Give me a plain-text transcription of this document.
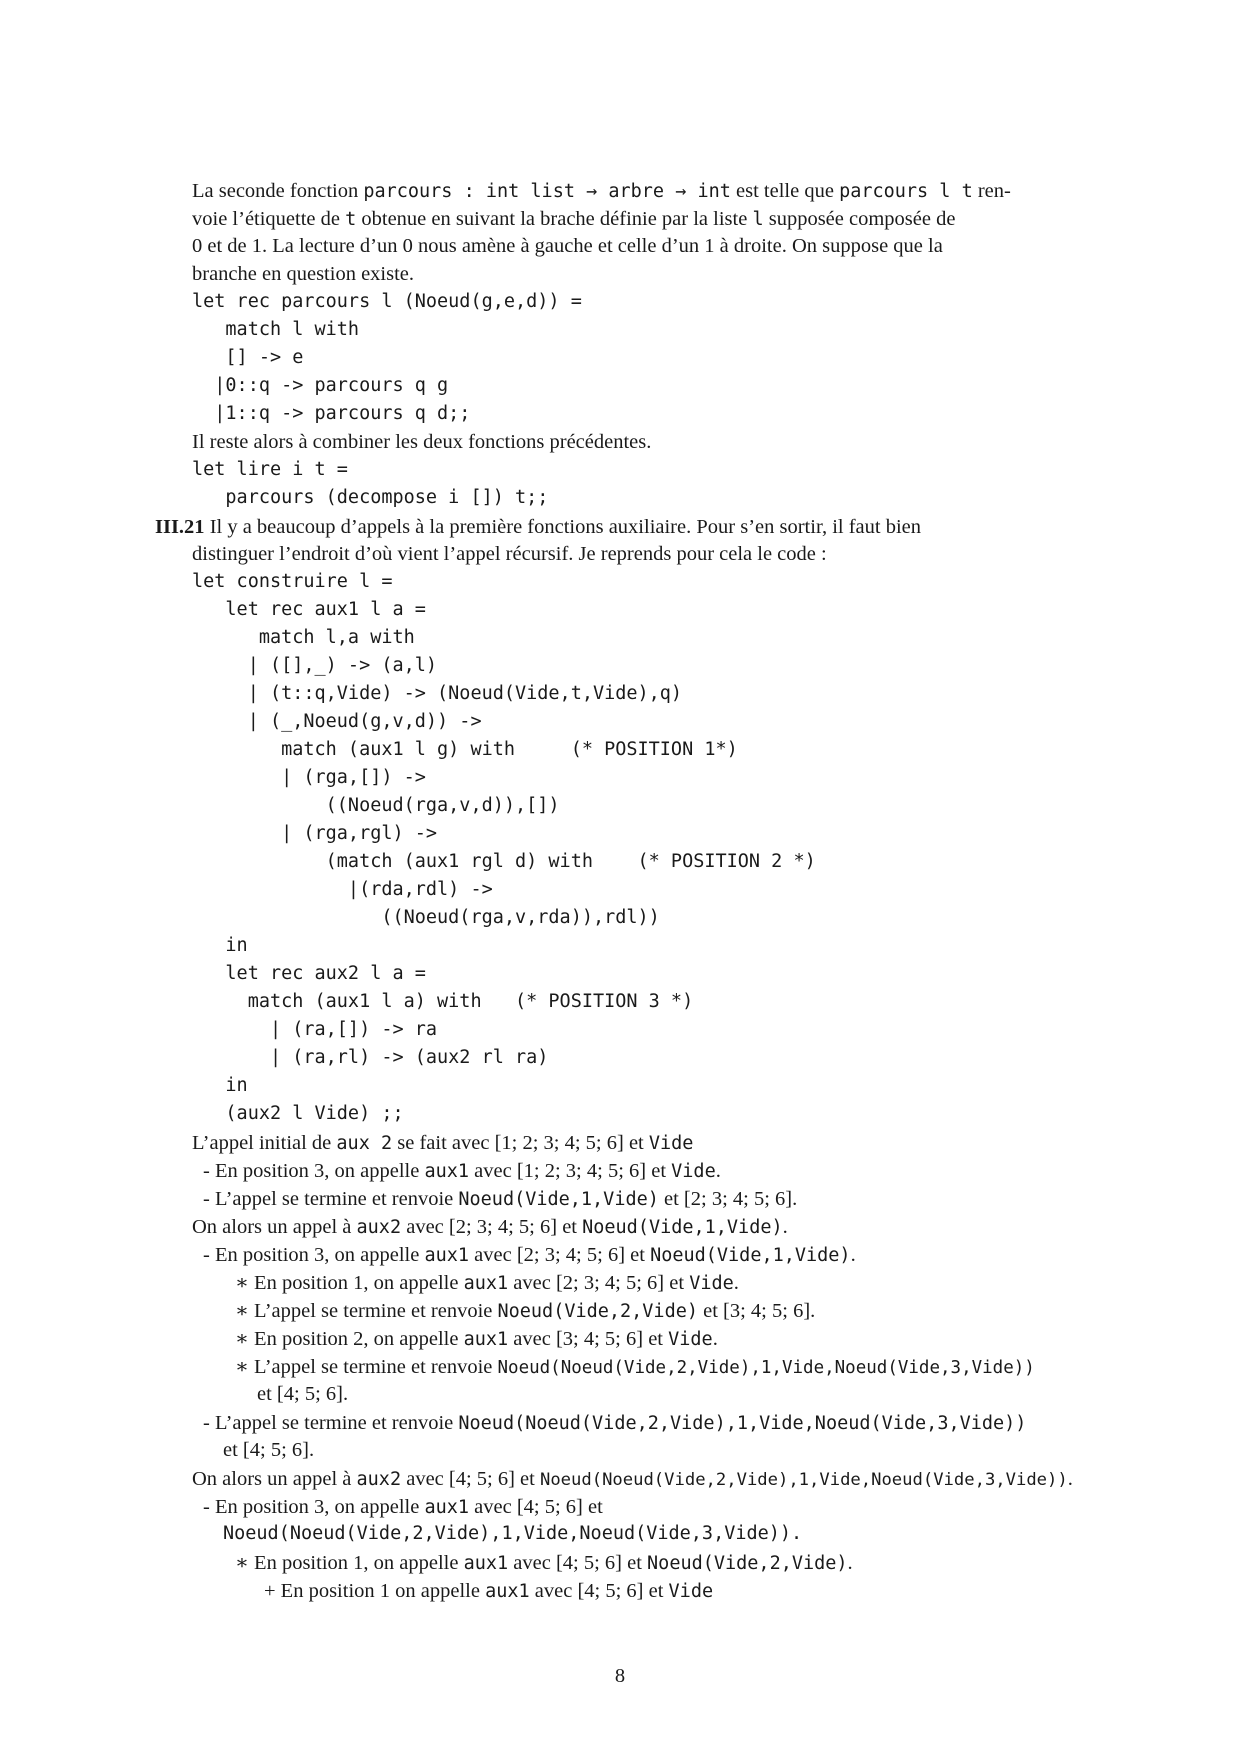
La seconde fonction parcours : int list → arbre → int est telle que parcours l t ren-
voie l’étiquette de t obtenue en suivant la brache définie par la liste l supposée composée de
0 et de 1. La lecture d’un 0 nous amène à gauche et celle d’un 1 à droite. On suppose que la
branche en question existe.
let rec parcours l (Noeud(g,e,d)) =
match l with
[] -> e
|0::q -> parcours q g
|1::q -> parcours q d;;
Il reste alors à combiner les deux fonctions précédentes.
let lire i t =
parcours (decompose i []) t;;
III.21 Il y a beaucoup d’appels à la première fonctions auxiliaire. Pour s’en sortir, il faut bien
distinguer l’endroit d’où vient l’appel récursif. Je reprends pour cela le code :
let construire l =
let rec aux1 l a =
match l,a with
| ([],_) -> (a,l)
| (t::q,Vide) -> (Noeud(Vide,t,Vide),q)
| (_,Noeud(g,v,d)) ->
match (aux1 l g) with     (* POSITION 1*)
| (rga,[]) ->
((Noeud(rga,v,d)),[])
| (rga,rgl) ->
(match (aux1 rgl d) with    (* POSITION 2 *)
|(rda,rdl) ->
((Noeud(rga,v,rda)),rdl))
in
let rec aux2 l a =
match (aux1 l a) with   (* POSITION 3 *)
| (ra,[]) -> ra
| (ra,rl) -> (aux2 rl ra)
in
(aux2 l Vide) ;;
L’appel initial de aux 2 se fait avec [1; 2; 3; 4; 5; 6] et Vide
- En position 3, on appelle aux1 avec [1; 2; 3; 4; 5; 6] et Vide.
- L’appel se termine et renvoie Noeud(Vide,1,Vide) et [2; 3; 4; 5; 6].
On alors un appel à aux2 avec [2; 3; 4; 5; 6] et Noeud(Vide,1,Vide).
- En position 3, on appelle aux1 avec [2; 3; 4; 5; 6] et Noeud(Vide,1,Vide).
∗ En position 1, on appelle aux1 avec [2; 3; 4; 5; 6] et Vide.
∗ L’appel se termine et renvoie Noeud(Vide,2,Vide) et [3; 4; 5; 6].
∗ En position 2, on appelle aux1 avec [3; 4; 5; 6] et Vide.
∗ L’appel se termine et renvoie Noeud(Noeud(Vide,2,Vide),1,Vide,Noeud(Vide,3,Vide))
et [4; 5; 6].
- L’appel se termine et renvoie Noeud(Noeud(Vide,2,Vide),1,Vide,Noeud(Vide,3,Vide))
et [4; 5; 6].
On alors un appel à aux2 avec [4; 5; 6] et Noeud(Noeud(Vide,2,Vide),1,Vide,Noeud(Vide,3,Vide)).
- En position 3, on appelle aux1 avec [4; 5; 6] et
Noeud(Noeud(Vide,2,Vide),1,Vide,Noeud(Vide,3,Vide)).
∗ En position 1, on appelle aux1 avec [4; 5; 6] et Noeud(Vide,2,Vide).
+ En position 1 on appelle aux1 avec [4; 5; 6] et Vide
8
